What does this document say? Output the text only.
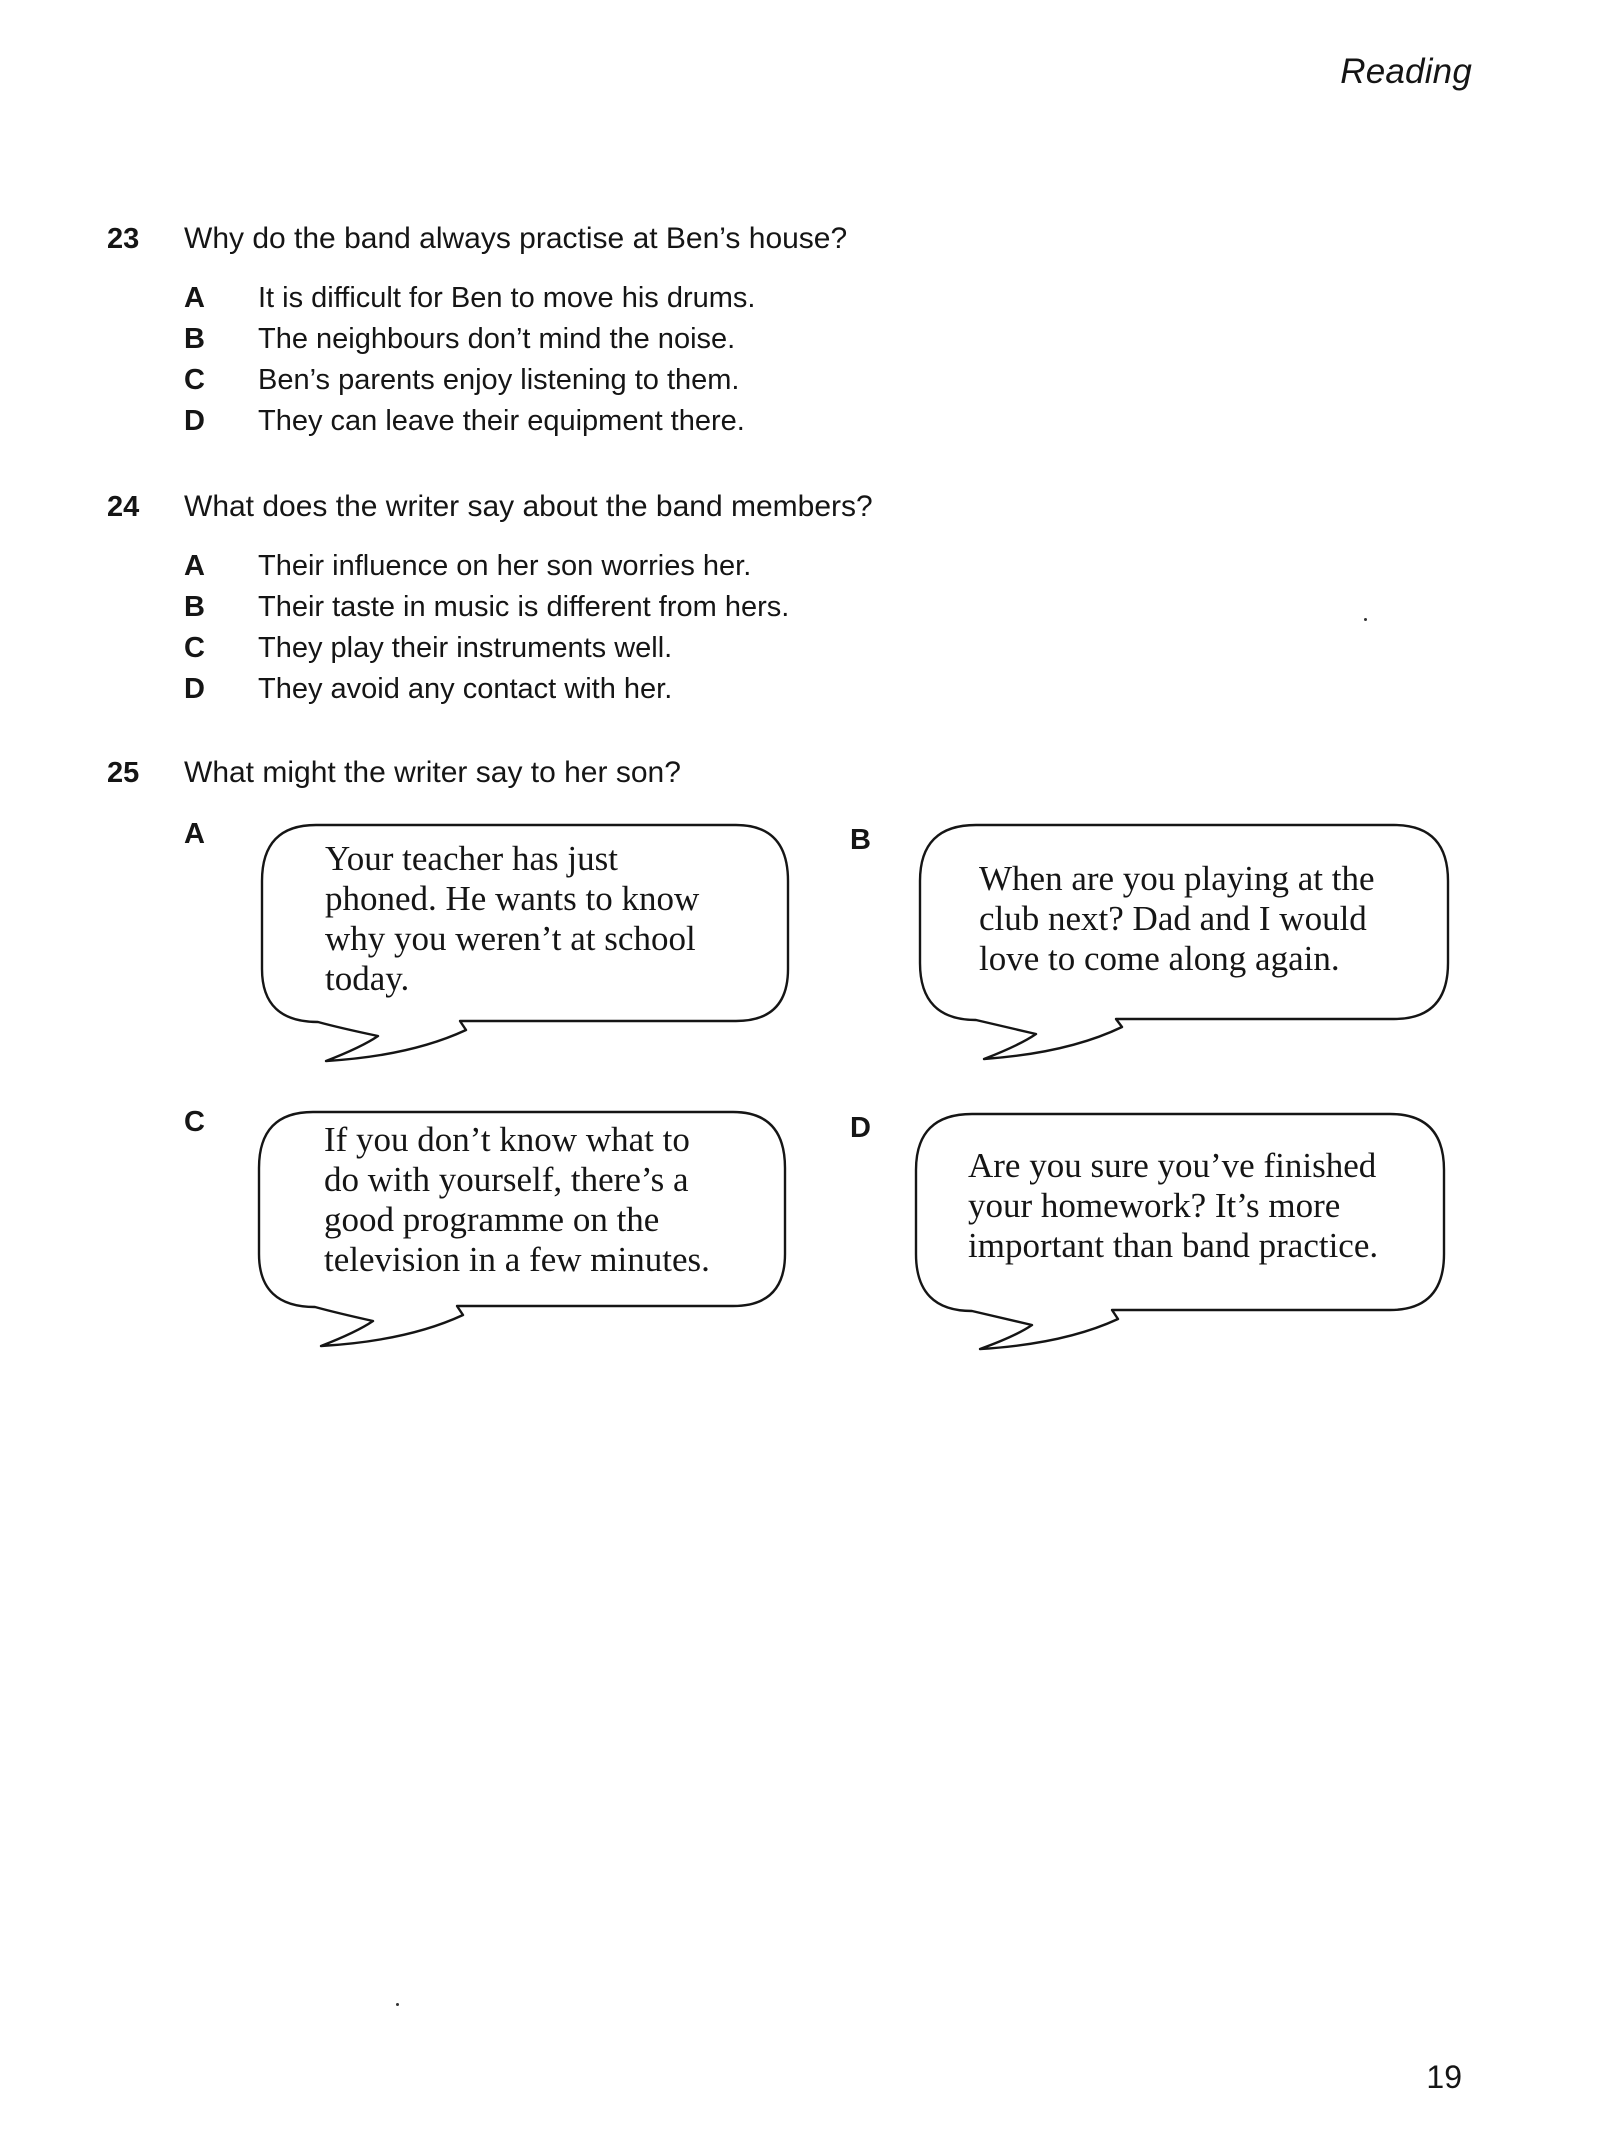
Reading
23	Why do the band always practise at Ben’s house?
A	It is difficult for Ben to move his drums.
B	The neighbours don’t mind the noise.
C	Ben’s parents enjoy listening to them.
D	They can leave their equipment there.
24	What does the writer say about the band members?
A	Their influence on her son worries her.
B	Their taste in music is different from hers.
C	They play their instruments well.
D	They avoid any contact with her.
25	What might the writer say to her son?
A
Your teacher has just
phoned. He wants to know
why you weren’t at school
today.
B
When are you playing at the
club next? Dad and I would
love to come along again.
C	If you don’t know what to
do with yourself, there’s a
good programme on the
television in a few minutes.
D
Are you sure you’ve finished
your homework? It’s more
important than band practice.
19
